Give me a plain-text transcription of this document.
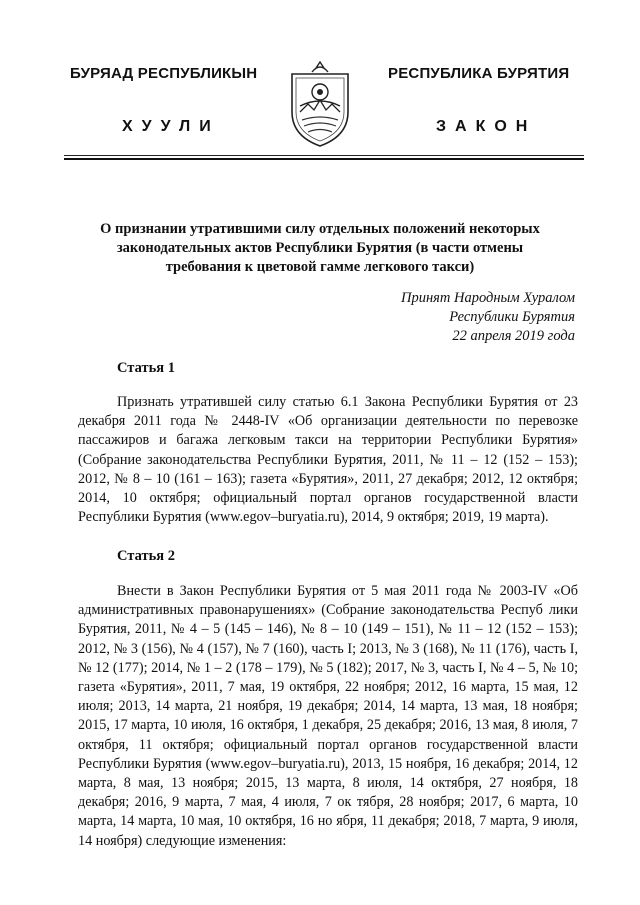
БУРЯАД РЕСПУБЛИКЫН
ХУУЛИ
РЕСПУБЛИКА БУРЯТИЯ
ЗАКОН
О признании утратившими силу отдельных положений некоторых
законодательных актов Республики Бурятия (в части отмены
требования к цветовой гамме легкового такси)
Принят Народным Хуралом
Республики Бурятия
22 апреля 2019 года
Статья 1
Признать утратившей силу статью 6.1 Закона Республики Бурятия от 23 декабря 2011 года № 2448-IV «Об организации деятельности по перевозке пассажиров и багажа легковым такси на территории Республики Бурятия» (Собрание законодательства Республики Бурятия, 2011, № 11 – 12 (152 – 153); 2012, № 8 – 10 (161 – 163); газета «Бурятия», 2011, 27 декабря; 2012, 12 октября; 2014, 10 октября; официальный портал органов государственной власти Республики Бурятия (www.egov–buryatia.ru), 2014, 9 октября; 2019, 19 марта).
Статья 2
Внести в Закон Республики Бурятия от 5 мая 2011 года № 2003-IV «Об административных правонарушениях» (Собрание законодательства Респуб лики Бурятия, 2011, № 4 – 5 (145 – 146), № 8 – 10 (149 – 151), № 11 – 12 (152 – 153); 2012, № 3 (156), № 4 (157), № 7 (160), часть I; 2013, № 3 (168), № 11 (176), часть I, № 12 (177); 2014, № 1 – 2 (178 – 179), № 5 (182); 2017, № 3, часть I, № 4 – 5, № 10; газета «Бурятия», 2011, 7 мая, 19 октября, 22 ноября; 2012, 16 марта, 15 мая, 12 июля; 2013, 14 марта, 21 ноября, 19 декабря; 2014, 14 марта, 13 мая, 18 ноября; 2015, 17 марта, 10 июля, 16 октября, 1 декабря, 25 декабря; 2016, 13 мая, 8 июля, 7 октября, 11 октября; официальный портал органов государственной власти Республики Бурятия (www.egov–buryatia.ru), 2013, 15 ноября, 16 декабря; 2014, 12 марта, 8 мая, 13 ноября; 2015, 13 марта, 8 июля, 14 октября, 27 ноября, 18 декабря; 2016, 9 марта, 7 мая, 4 июля, 7 ок тября, 28 ноября; 2017, 6 марта, 10 марта, 14 марта, 10 мая, 10 октября, 16 но ября, 11 декабря; 2018, 7 марта, 9 июля, 14 ноября) следующие изменения:
